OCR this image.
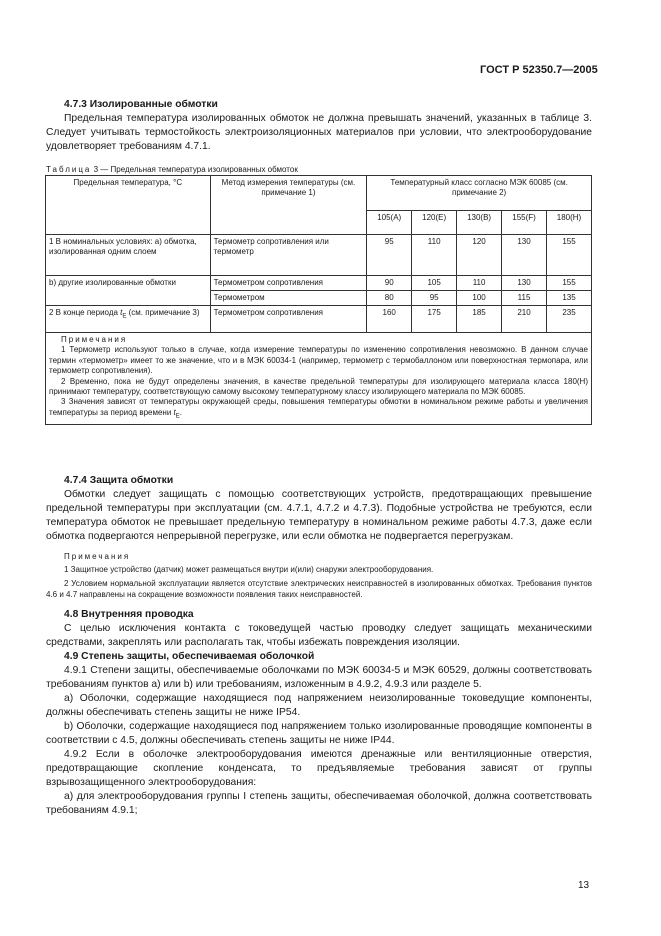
ГОСТ Р 52350.7—2005

4.7.3 Изолированные обмотки

Предельная температура изолированных обмоток не должна превышать значений, указанных в таблице 3. Следует учитывать термостойкость электроизоляционных материалов при условии, что электрооборудование удовлетворяет требованиям 4.7.1.

Таблица 3 — Предельная температура изолированных обмоток
Предельная температура, °C	Метод измерения температуры (см. примечание 1)	Температурный класс согласно МЭК 60085 (см. примечание 2)				
		105(A)	120(E)	130(B)	155(F)	180(H)
1 В номинальных условиях: а) обмотка, изолированная одним слоем	Термометр сопротивления или термометр	95	110	120	130	155
b) другие изолированные обмотки	Термометром сопротивления	90	105	110	130	155
	Термометром	80	95	100	115	135
2 В конце периода $t_E$ (см. примечание 3)	Термометром сопротивления	160	175	185	210	235

Примечания

1 Термометр используют только в случае, когда измерение температуры по изменению сопротивления невозможно. В данном случае термин «термометр» имеет то же значение, что и в МЭК 60034-1 (например, термометр с термобаллоном или поверхностная термопара, или термометр сопротивления).

2 Временно, пока не будут определены значения, в качестве предельной температуры для изолирующего материала класса 180(H) принимают температуру, соответствующую самому высокому температурному классу изолирующего материала по МЭК 60085.

3 Значения зависят от температуры окружающей среды, повышения температуры обмотки в номинальном режиме работы и увеличения температуры за период времени $t_E$.						

4.7.4 Защита обмотки

Обмотки следует защищать с помощью соответствующих устройств, предотвращающих превышение предельной температуры при эксплуатации (см. 4.7.1, 4.7.2 и 4.7.3). Подобные устройства не требуются, если температура обмоток не превышает предельную температуру в номинальном режиме работы 4.7.3, даже если обмотка подвергаются непрерывной перегрузке, или если обмотка не подвергается перегрузкам.

Примечания

1 Защитное устройство (датчик) может размещаться внутри и(или) снаружи электрооборудования.

2 Условием нормальной эксплуатации является отсутствие электрических неисправностей в изолированных обмотках. Требования пунктов 4.6 и 4.7 направлены на сокращение возможности появления таких неисправностей.

4.8 Внутренняя проводка

С целью исключения контакта с токоведущей частью проводку следует защищать механическими средствами, закреплять или располагать так, чтобы избежать повреждения изоляции.

4.9 Степень защиты, обеспечиваемая оболочкой

4.9.1 Степени защиты, обеспечиваемые оболочками по МЭК 60034-5 и МЭК 60529, должны соответствовать требованиям пунктов а) или b) или требованиям, изложенным в 4.9.2, 4.9.3 или разделе 5.

а) Оболочки, содержащие находящиеся под напряжением неизолированные токоведущие компоненты, должны обеспечивать степень защиты не ниже IP54.

b) Оболочки, содержащие находящиеся под напряжением только изолированные проводящие компоненты в соответствии с 4.5, должны обеспечивать степень защиты не ниже IP44.

4.9.2 Если в оболочке электрооборудования имеются дренажные или вентиляционные отверстия, предотвращающие скопление конденсата, то предъявляемые требования зависят от группы взрывозащищенного электрооборудования:

а) для электрооборудования группы I степень защиты, обеспечиваемая оболочкой, должна соответствовать требованиям 4.9.1;

13
